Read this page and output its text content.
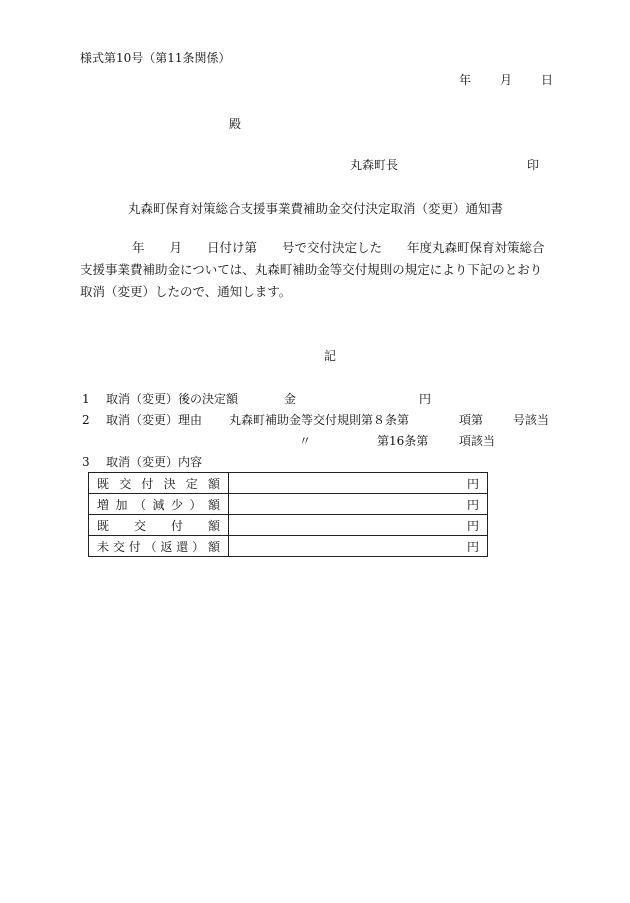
様式第10号（第11条関係）
年 月 日
殿
丸森町長	印
丸森町保育対策総合支援事業費補助金交付決定取消（変更）通知書
年　　月　　日付け第　　号で交付決定した　　年度丸森町保育対策総合
支援事業費補助金については、丸森町補助金等交付規則の規定により下記のとおり
取消（変更）したので、通知します。
記
1 取消（変更）後の決定額	金	円
2 取消（変更）理由 丸森町補助金等交付規則第８条第	項第 号該当
〃	第16条第	項該当
3 取消（変更）内容
既交付決定額	円
増加（減少）額	円
既交付額	円
未交付（返還）額	円
